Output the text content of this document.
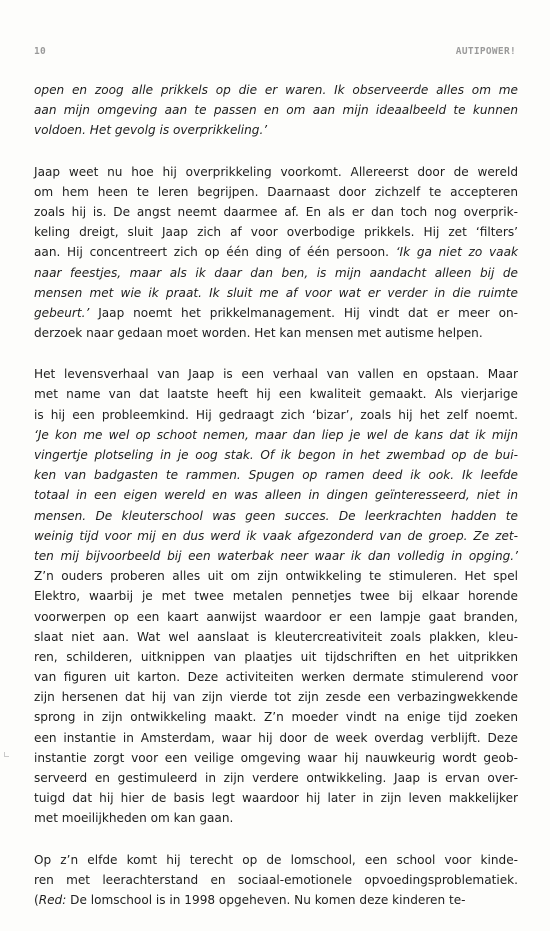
10	AUTIPOWER!
open en zoog alle prikkels op die er waren. Ik observeerde alles om me
aan mijn omgeving aan te passen en om aan mijn ideaalbeeld te kunnen
voldoen. Het gevolg is overprikkeling.’
Jaap weet nu hoe hij overprikkeling voorkomt. Allereerst door de wereld
om hem heen te leren begrijpen. Daarnaast door zichzelf te accepteren
zoals hij is. De angst neemt daarmee af. En als er dan toch nog overprik-
keling dreigt, sluit Jaap zich af voor overbodige prikkels. Hij zet ‘filters’
aan. Hij concentreert zich op één ding of één persoon. ‘Ik ga niet zo vaak
naar feestjes, maar als ik daar dan ben, is mijn aandacht alleen bij de
mensen met wie ik praat. Ik sluit me af voor wat er verder in die ruimte
gebeurt.’ Jaap noemt het prikkelmanagement. Hij vindt dat er meer on-
derzoek naar gedaan moet worden. Het kan mensen met autisme helpen.
Het levensverhaal van Jaap is een verhaal van vallen en opstaan. Maar
met name van dat laatste heeft hij een kwaliteit gemaakt. Als vierjarige
is hij een probleemkind. Hij gedraagt zich ‘bizar’, zoals hij het zelf noemt.
‘Je kon me wel op schoot nemen, maar dan liep je wel de kans dat ik mijn
vingertje plotseling in je oog stak. Of ik begon in het zwembad op de bui-
ken van badgasten te rammen. Spugen op ramen deed ik ook. Ik leefde
totaal in een eigen wereld en was alleen in dingen geïnteresseerd, niet in
mensen. De kleuterschool was geen succes. De leerkrachten hadden te
weinig tijd voor mij en dus werd ik vaak afgezonderd van de groep. Ze zet-
ten mij bijvoorbeeld bij een waterbak neer waar ik dan volledig in opging.’
Z’n ouders proberen alles uit om zijn ontwikkeling te stimuleren. Het spel
Elektro, waarbij je met twee metalen pennetjes twee bij elkaar horende
voorwerpen op een kaart aanwijst waardoor er een lampje gaat branden,
slaat niet aan. Wat wel aanslaat is kleutercreativiteit zoals plakken, kleu-
ren, schilderen, uitknippen van plaatjes uit tijdschriften en het uitprikken
van figuren uit karton. Deze activiteiten werken dermate stimulerend voor
zijn hersenen dat hij van zijn vierde tot zijn zesde een verbazingwekkende
sprong in zijn ontwikkeling maakt. Z’n moeder vindt na enige tijd zoeken
een instantie in Amsterdam, waar hij door de week overdag verblijft. Deze
instantie zorgt voor een veilige omgeving waar hij nauwkeurig wordt geob-
serveerd en gestimuleerd in zijn verdere ontwikkeling. Jaap is ervan over-
tuigd dat hij hier de basis legt waardoor hij later in zijn leven makkelijker
met moeilijkheden om kan gaan.
Op z’n elfde komt hij terecht op de lomschool, een school voor kinde-
ren met leerachterstand en sociaal-emotionele opvoedingsproblematiek.
(Red: De lomschool is in 1998 opgeheven. Nu komen deze kinderen te-
